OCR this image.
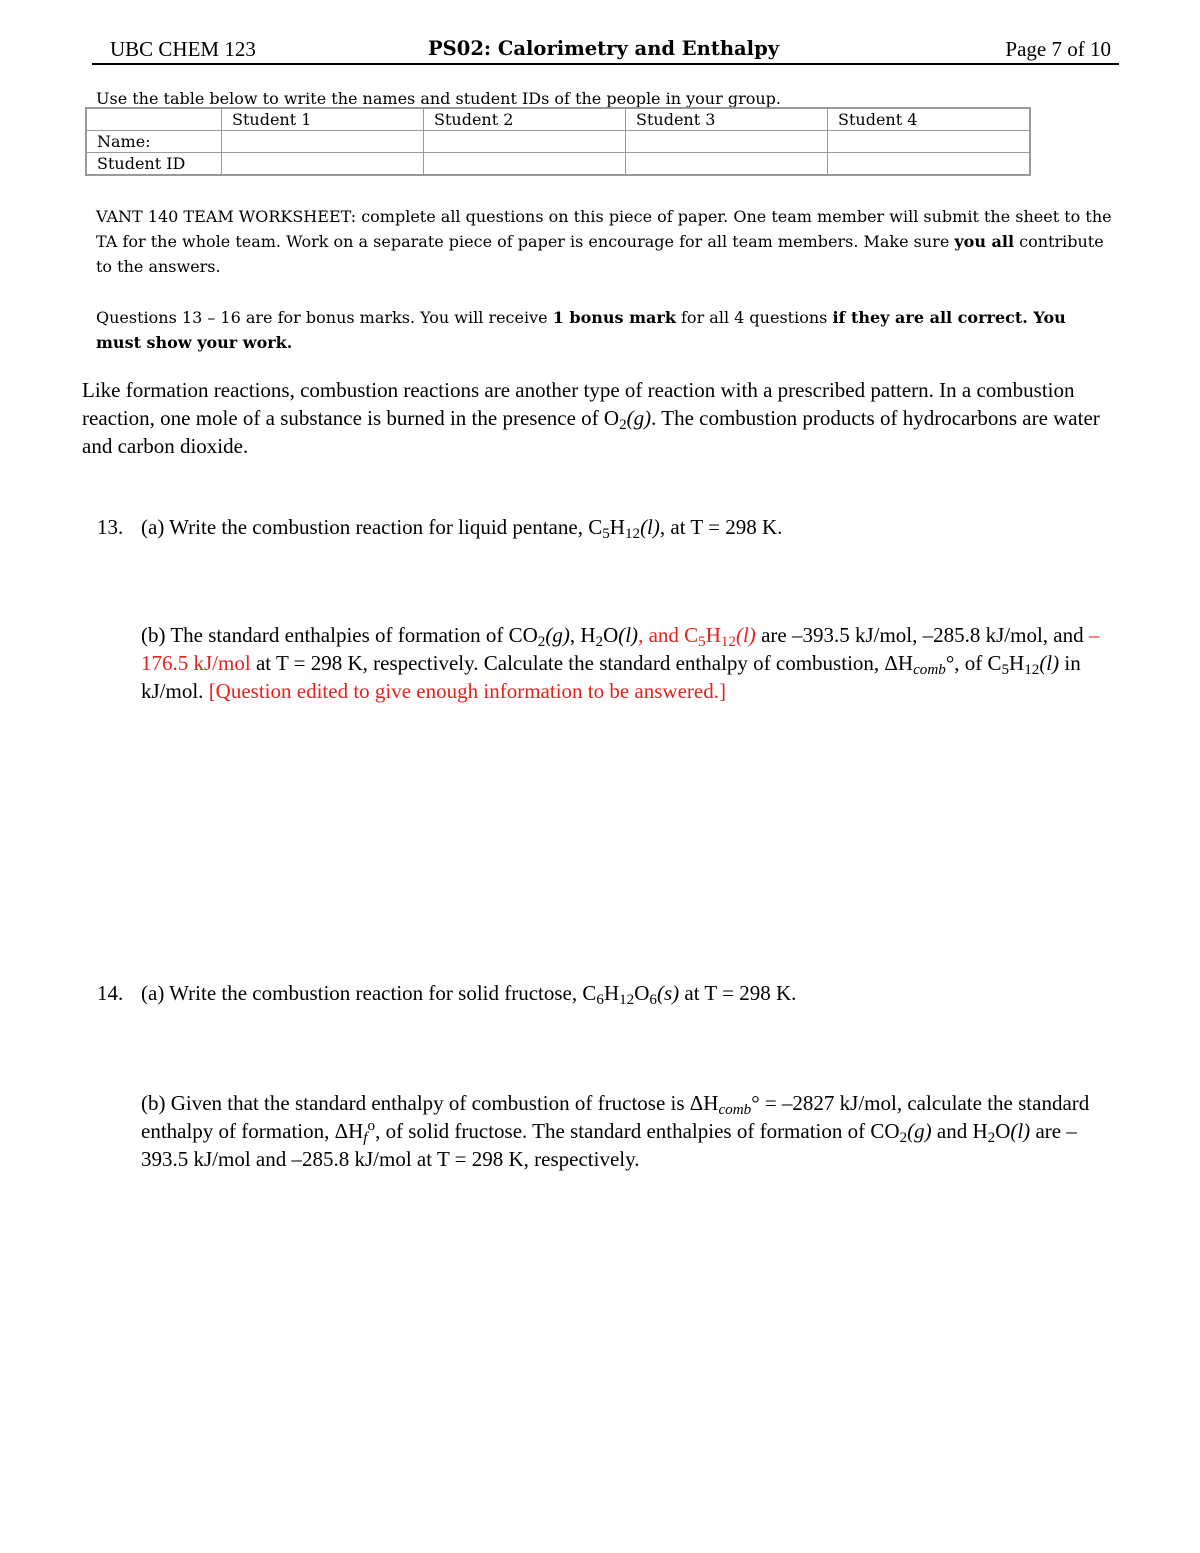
UBC CHEM 123	PS02: Calorimetry and Enthalpy	Page 7 of 10
Use the table below to write the names and student IDs of the people in your group.
	Student 1	Student 2	Student 3	Student 4
Name:				
Student ID				
VANT 140 TEAM WORKSHEET: complete all questions on this piece of paper. One team member will submit the sheet to the TA for the whole team. Work on a separate piece of paper is encourage for all team members. Make sure you all contribute to the answers.
Questions 13 – 16 are for bonus marks. You will receive 1 bonus mark for all 4 questions if they are all correct. You must show your work.
Like formation reactions, combustion reactions are another type of reaction with a prescribed pattern. In a combustion reaction, one mole of a substance is burned in the presence of $O_2(g)$. The combustion products of hydrocarbons are water and carbon dioxide.
13. (a) Write the combustion reaction for liquid pentane, $C_5H_{12}(l)$, at T = 298 K.
(b) The standard enthalpies of formation of $CO_2(g)$, $H_2O(l)$, and $C_5H_{12}(l)$ are –393.5 kJ/mol, –285.8 kJ/mol, and –176.5 kJ/mol at T = 298 K, respectively. Calculate the standard enthalpy of combustion, $\Delta H_{comb}^\circ$, of $C_5H_{12}(l)$ in kJ/mol. [Question edited to give enough information to be answered.]
14. (a) Write the combustion reaction for solid fructose, $C_6H_{12}O_6(s)$ at T = 298 K.
(b) Given that the standard enthalpy of combustion of fructose is $\Delta H_{comb}^\circ = -2827$ kJ/mol, calculate the standard enthalpy of formation, $\Delta H_f^o$, of solid fructose. The standard enthalpies of formation of $CO_2(g)$ and $H_2O(l)$ are –393.5 kJ/mol and –285.8 kJ/mol at T = 298 K, respectively.
